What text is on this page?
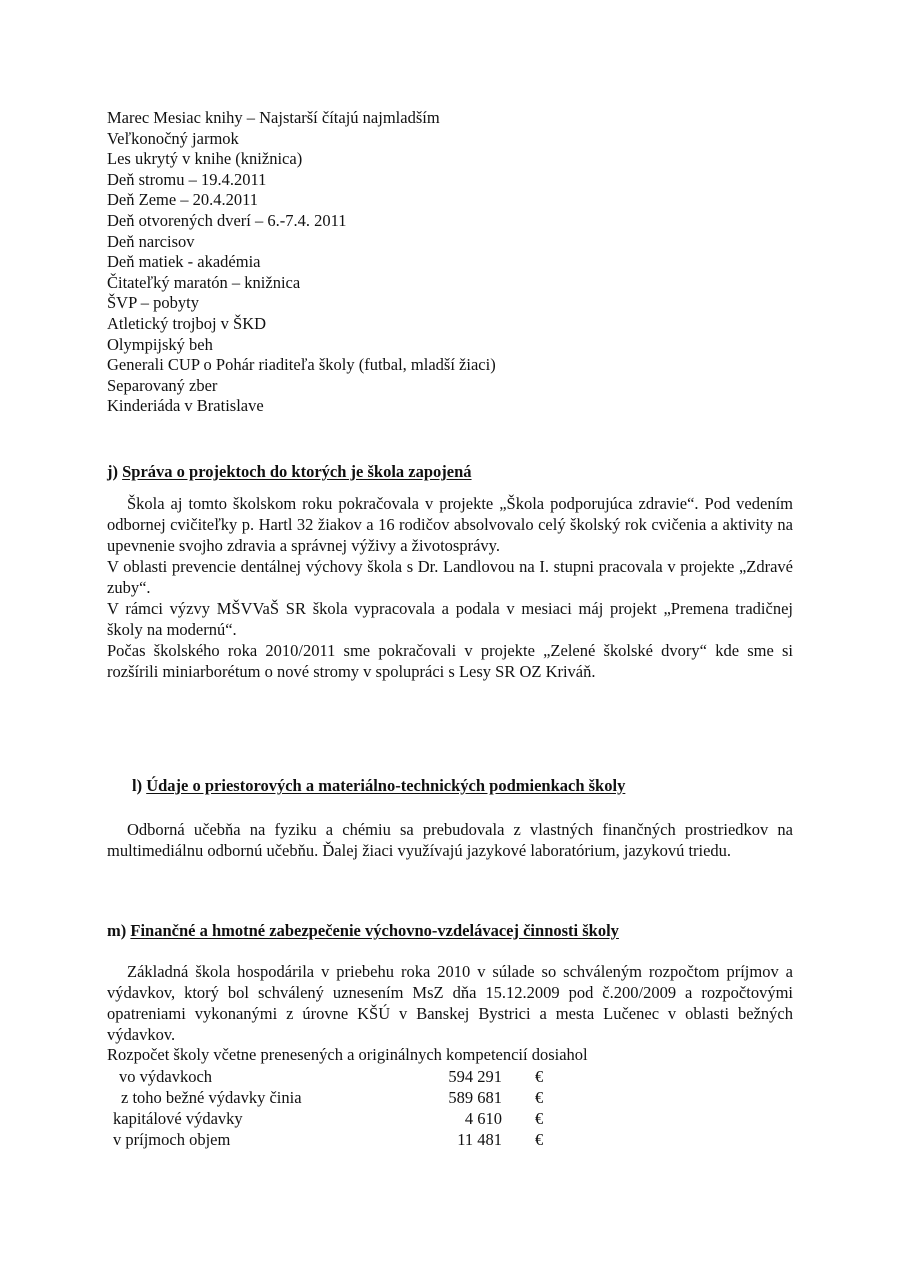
Marec Mesiac knihy – Najstarší čítajú najmladším
Veľkonočný jarmok
Les ukrytý v knihe (knižnica)
Deň stromu – 19.4.2011
Deň Zeme – 20.4.2011
Deň otvorených dverí – 6.-7.4. 2011
Deň narcisov
Deň matiek - akadémia
Čitateľký maratón – knižnica
ŠVP – pobyty
Atletický trojboj v ŠKD
Olympijský beh
Generali CUP o Pohár riaditeľa školy (futbal, mladší žiaci)
Separovaný zber
Kinderiáda v Bratislave
j) Správa o projektoch do ktorých je škola zapojená

Škola aj tomto školskom roku pokračovala v projekte „Škola podporujúca zdravie“. Pod vedením odbornej cvičiteľky p. Hartl 32 žiakov a 16 rodičov absolvovalo celý školský rok cvičenia a aktivity na upevnenie svojho zdravia a správnej výživy a životosprávy.

V oblasti prevencie dentálnej výchovy škola s Dr. Landlovou na I. stupni pracovala v projekte „Zdravé zuby“.

V rámci výzvy MŠVVaŠ SR škola vypracovala a podala v mesiaci máj projekt „Premena tradičnej školy na modernú“.

Počas školského roka 2010/2011 sme pokračovali v projekte „Zelené školské dvory“ kde sme si rozšírili miniarborétum o nové stromy v spolupráci s Lesy SR OZ Kriváň.

l) Údaje o priestorových a materiálno-technických podmienkach školy

Odborná učebňa na fyziku a chémiu sa prebudovala z vlastných finančných prostriedkov na multimediálnu odbornú učebňu. Ďalej žiaci využívajú jazykové laboratórium, jazykovú triedu.

m) Finančné a hmotné zabezpečenie výchovno-vzdelávacej činnosti školy

Základná škola hospodárila v priebehu roka 2010 v súlade so schváleným rozpočtom príjmov a výdavkov, ktorý bol schválený uznesením MsZ dňa 15.12.2009 pod č.200/2009 a rozpočtovými opatreniami vykonanými z úrovne KŠÚ v Banskej Bystrici a mesta Lučenec v oblasti bežných výdavkov.

Rozpočet školy včetne prenesených a originálnych kompetencií dosiahol
vo výdavkoch	594 291 €
z toho bežné výdavky činia	589 681 €
kapitálové výdavky	4 610 €
v príjmoch objem	11 481 €
